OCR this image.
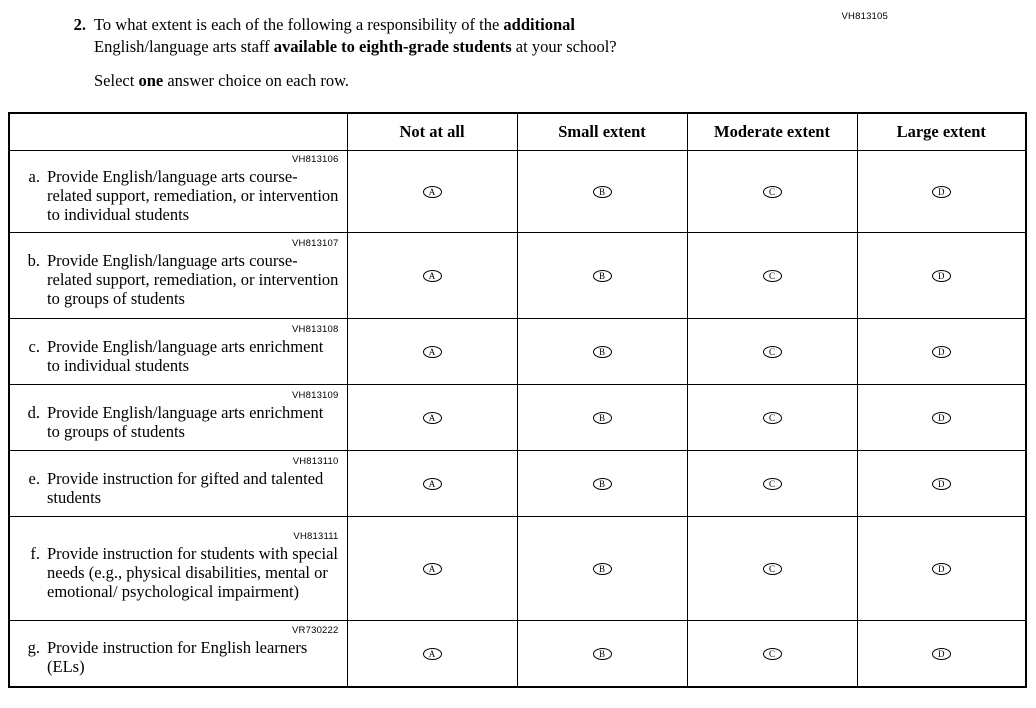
VH813105
2. To what extent is each of the following a responsibility of the additional
English/language arts staff available to eighth-grade students at your school?
Select one answer choice on each row.
	Not at all	Small extent	Moderate extent	Large extent

VH813106
a. Provide English/language arts course-related support, remediation, or intervention to individual students	A	B	C	D

VH813107
b. Provide English/language arts course-related support, remediation, or intervention to groups of students	A	B	C	D

VH813108
c. Provide English/language arts enrichment to individual students	A	B	C	D

VH813109
d. Provide English/language arts enrichment to groups of students	A	B	C	D

VH813110
e. Provide instruction for gifted and talented students	A	B	C	D

VH813111
f. Provide instruction for students with special needs (e.g., physical disabilities, mental or emotional/ psychological impairment)	A	B	C	D

VR730222
g. Provide instruction for English learners (ELs)	A	B	C	D
